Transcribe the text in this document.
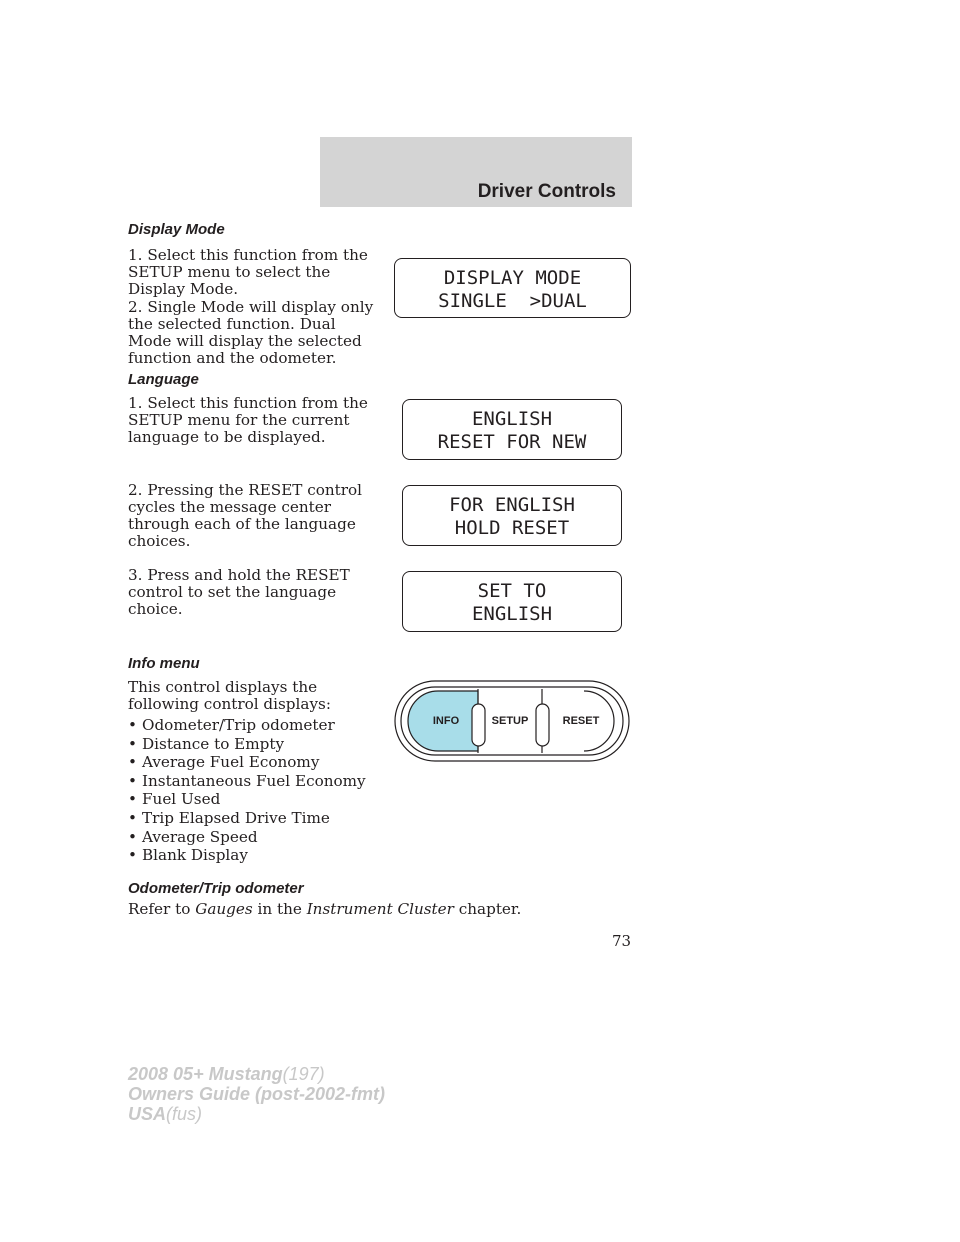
Driver Controls
Display Mode

1. Select this function from the SETUP menu to select the Display Mode.

2. Single Mode will display only the selected function. Dual Mode will display the selected function and the odometer.

DISPLAY MODE
SINGLE  >DUAL
Language

1. Select this function from the SETUP menu for the current language to be displayed.

2. Pressing the RESET control cycles the message center through each of the language choices.

3. Press and hold the RESET control to set the language choice.

ENGLISH
RESET FOR NEW
FOR ENGLISH
HOLD RESET
SET TO
ENGLISH
Info menu

This control displays the following control displays:

• Odometer/Trip odometer
• Distance to Empty
• Average Fuel Economy
• Instantaneous Fuel Economy
• Fuel Used
• Trip Elapsed Drive Time
• Average Speed
• Blank Display
INFO	SETUP	RESET
Odometer/Trip odometer

Refer to Gauges in the Instrument Cluster chapter.

73
2008 05+ Mustang(197)
Owners Guide (post-2002-fmt)
USA(fus)
